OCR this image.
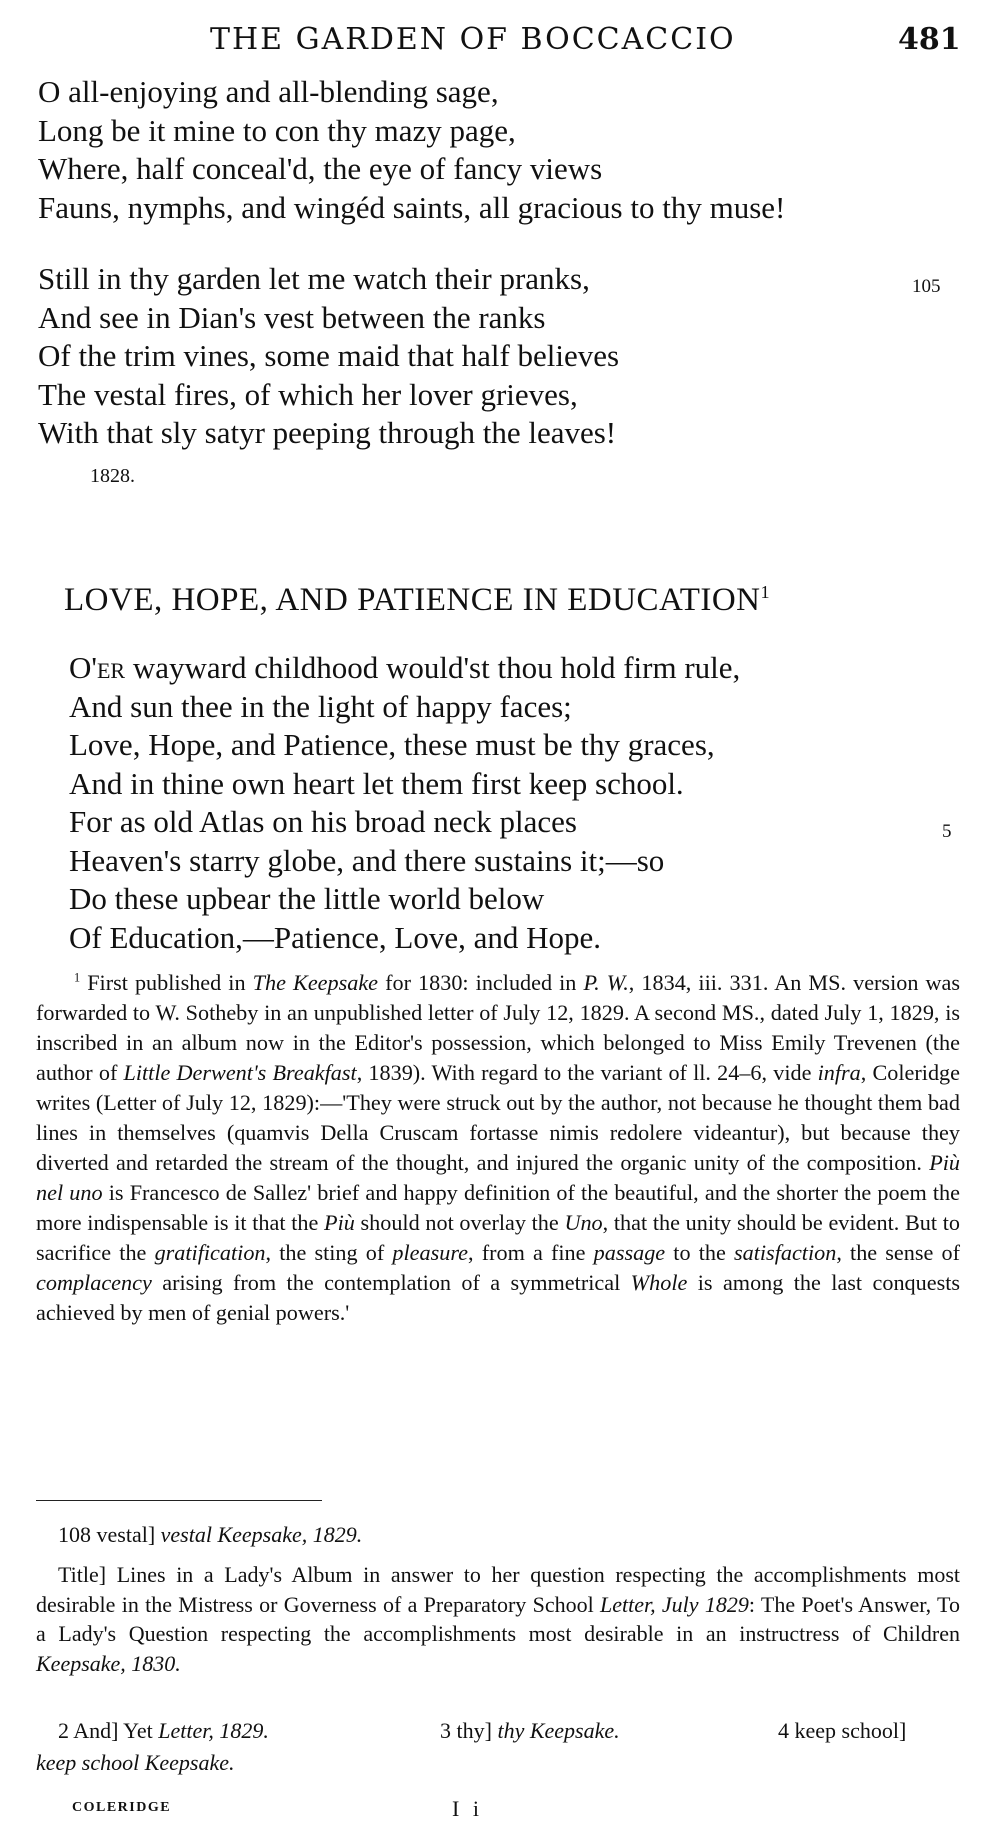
THE GARDEN OF BOCCACCIO	481
O all-enjoying and all-blending sage,
Long be it mine to con thy mazy page,
Where, half conceal'd, the eye of fancy views
Fauns, nymphs, and wingéd saints, all gracious to thy muse!
Still in thy garden let me watch their pranks,
And see in Dian's vest between the ranks
Of the trim vines, some maid that half believes
The vestal fires, of which her lover grieves,
With that sly satyr peeping through the leaves!
105
1828.
LOVE, HOPE, AND PATIENCE IN EDUCATION$^1$
O'er wayward childhood would'st thou hold firm rule,
And sun thee in the light of happy faces;
Love, Hope, and Patience, these must be thy graces,
And in thine own heart let them first keep school.
For as old Atlas on his broad neck places
Heaven's starry globe, and there sustains it;—so
Do these upbear the little world below
Of Education,—Patience, Love, and Hope.
5
$^1$ First published in The Keepsake for 1830: included in P. W., 1834, iii. 331. An MS. version was forwarded to W. Sotheby in an unpublished letter of July 12, 1829. A second MS., dated July 1, 1829, is inscribed in an album now in the Editor's possession, which belonged to Miss Emily Trevenen (the author of Little Derwent's Breakfast, 1839). With regard to the variant of ll. 24–6, vide infra, Coleridge writes (Letter of July 12, 1829):—'They were struck out by the author, not because he thought them bad lines in themselves (quamvis Della Cruscam fortasse nimis redolere videantur), but because they diverted and retarded the stream of the thought, and injured the organic unity of the composition. Più nel uno is Francesco de Sallez' brief and happy definition of the beautiful, and the shorter the poem the more indispensable is it that the Più should not overlay the Uno, that the unity should be evident. But to sacrifice the gratification, the sting of pleasure, from a fine passage to the satisfaction, the sense of complacency arising from the contemplation of a symmetrical Whole is among the last conquests achieved by men of genial powers.'
108 vestal] vestal Keepsake, 1829.
Title] Lines in a Lady's Album in answer to her question respecting the accomplishments most desirable in the Mistress or Governess of a Preparatory School Letter, July 1829: The Poet's Answer, To a Lady's Question respecting the accomplishments most desirable in an instructress of Children Keepsake, 1830.
2 And] Yet Letter, 1829.	3 thy] thy Keepsake.	4 keep school]
keep school Keepsake.
COLERIDGE	I i
